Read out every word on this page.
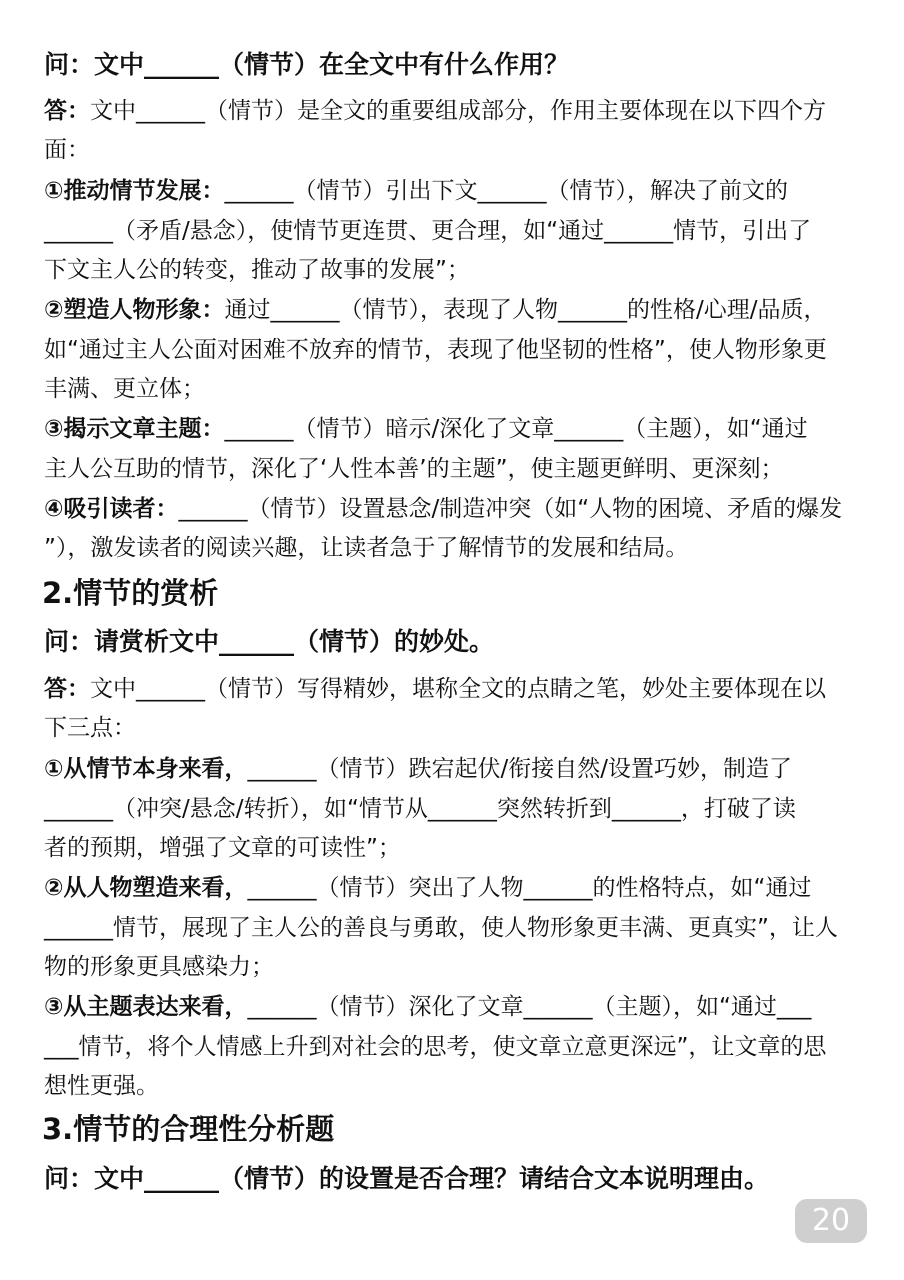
问：文中______（情节）在全文中有什么作用？
答：文中______（情节）是全文的重要组成部分，作用主要体现在以下四个方
面：
①推动情节发展：______（情节）引出下文______（情节），解决了前文的
______（矛盾/悬念），使情节更连贯、更合理，如“通过______情节，引出了
下文主人公的转变，推动了故事的发展”；
②塑造人物形象：通过______（情节），表现了人物______的性格/心理/品质，
如“通过主人公面对困难不放弃的情节，表现了他坚韧的性格”，使人物形象更
丰满、更立体；
③揭示文章主题：______（情节）暗示/深化了文章______（主题），如“通过
主人公互助的情节，深化了‘人性本善’的主题”，使主题更鲜明、更深刻；
④吸引读者：______（情节）设置悬念/制造冲突（如“人物的困境、矛盾的爆发
”），激发读者的阅读兴趣，让读者急于了解情节的发展和结局。
2.情节的赏析
问：请赏析文中______（情节）的妙处。
答：文中______（情节）写得精妙，堪称全文的点睛之笔，妙处主要体现在以
下三点：
①从情节本身来看，______（情节）跌宕起伏/衔接自然/设置巧妙，制造了
______（冲突/悬念/转折），如“情节从______突然转折到______，打破了读
者的预期，增强了文章的可读性”；
②从人物塑造来看，______（情节）突出了人物______的性格特点，如“通过
______情节，展现了主人公的善良与勇敢，使人物形象更丰满、更真实”，让人
物的形象更具感染力；
③从主题表达来看，______（情节）深化了文章______（主题），如“通过___
___情节，将个人情感上升到对社会的思考，使文章立意更深远”，让文章的思
想性更强。
3.情节的合理性分析题
问：文中______（情节）的设置是否合理？请结合文本说明理由。
20
